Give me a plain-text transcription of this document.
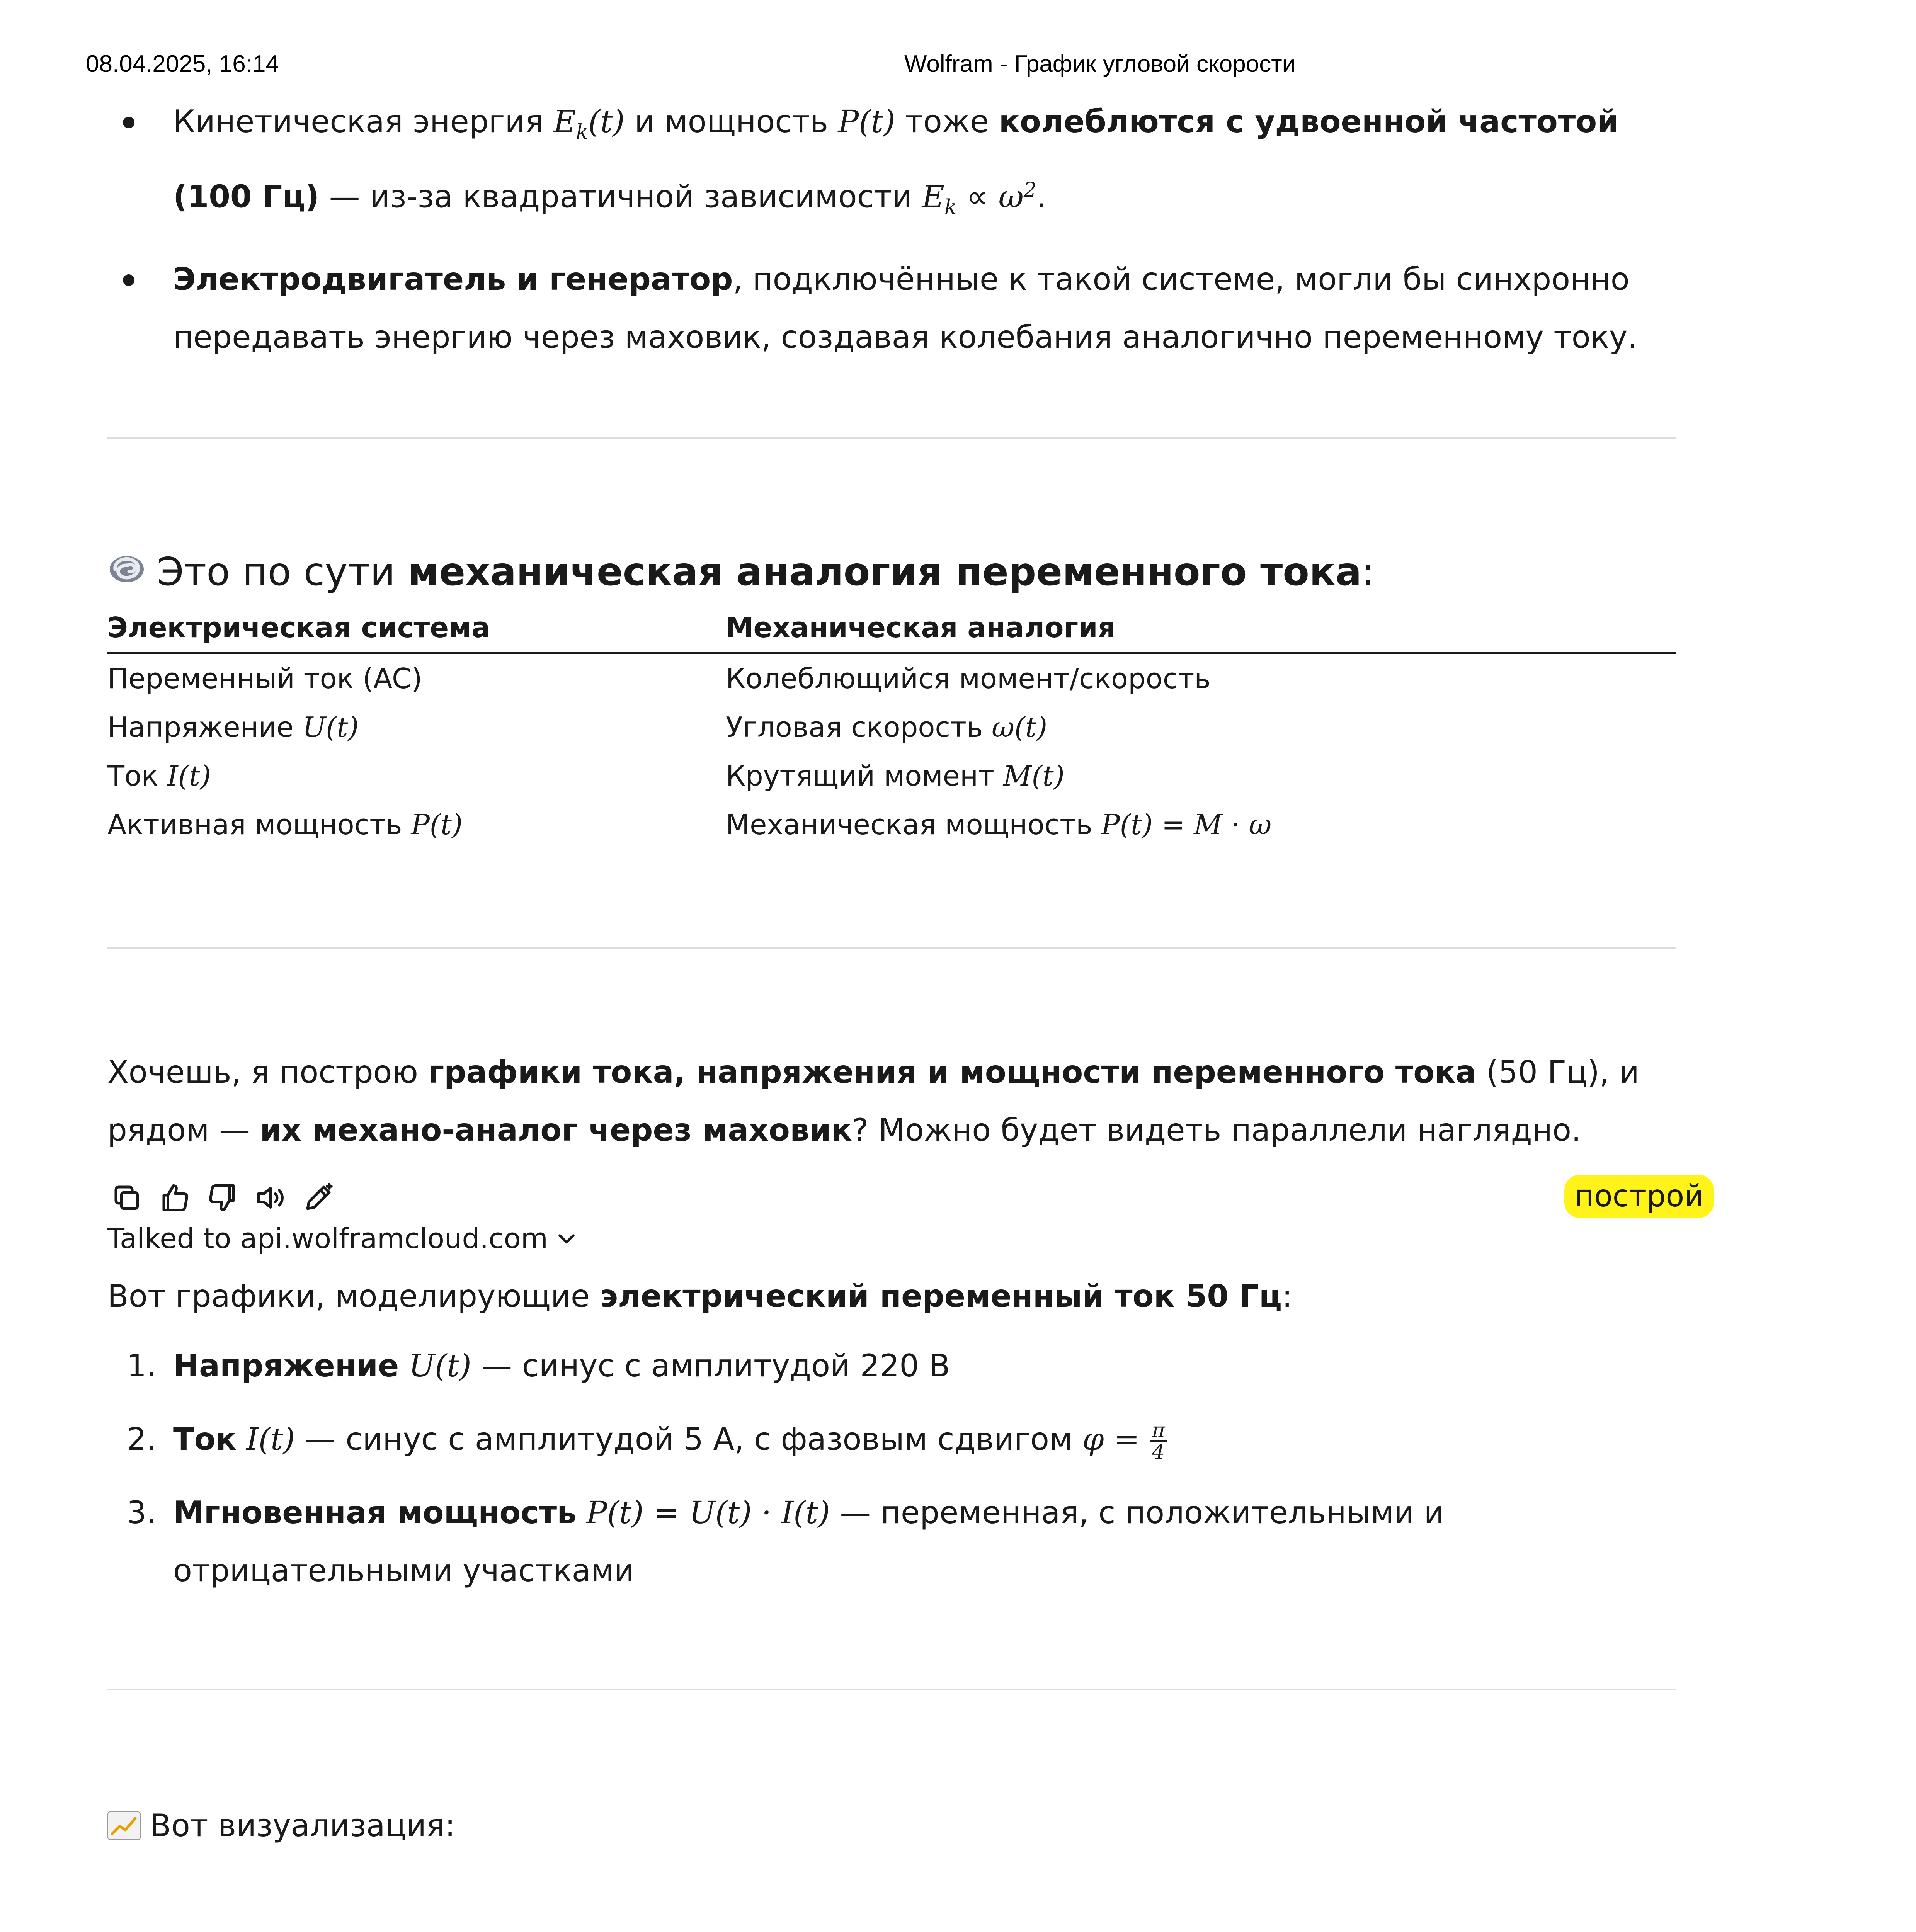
08.04.2025, 16:14	Wolfram - График угловой скорости
Кинетическая энергия $E_k(t)$ и мощность P(t) тоже колеблются с удвоенной частотой (100 Гц) — из-за квадратичной зависимости $E_k \propto \omega^2$.
Электродвигатель и генератор, подключённые к такой системе, могли бы синхронно передавать энергию через маховик, создавая колебания аналогично переменному току.
Это по сути механическая аналогия переменного тока:
Электрическая система	Механическая аналогия
Переменный ток (AC)	Колеблющийся момент/скорость
Напряжение U(t)	Угловая скорость ω(t)
Ток I(t)	Крутящий момент M(t)
Активная мощность P(t)	Механическая мощность P(t) = M · ω
Хочешь, я построю графики тока, напряжения и мощности переменного тока (50 Гц), и рядом — их механо-аналог через маховик? Можно будет видеть параллели наглядно.
построй
Talked to api.wolframcloud.com
Вот графики, моделирующие электрический переменный ток 50 Гц:
1. Напряжение U(t) — синус с амплитудой 220 В
2. Ток I(t) — синус с амплитудой 5 А, с фазовым сдвигом $\varphi = \frac{\pi}{4}$
3. Мгновенная мощность P(t) = U(t) · I(t) — переменная, с положительными и отрицательными участками
Вот визуализация:
